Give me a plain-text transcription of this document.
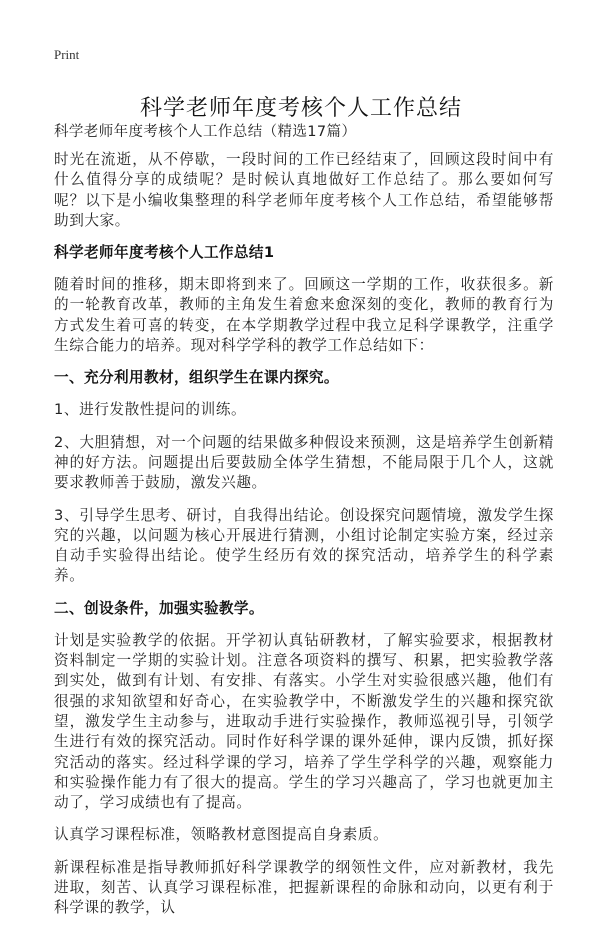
Print
科学老师年度考核个人工作总结
科学老师年度考核个人工作总结（精选17篇）

时光在流逝，从不停歇，一段时间的工作已经结束了，回顾这段时间中有什么值得分享的成绩呢？是时候认真地做好工作总结了。那么要如何写呢？以下是小编收集整理的科学老师年度考核个人工作总结，希望能够帮助到大家。

科学老师年度考核个人工作总结1

随着时间的推移，期末即将到来了。回顾这一学期的工作，收获很多。新的一轮教育改革，教师的主角发生着愈来愈深刻的变化，教师的教育行为方式发生着可喜的转变，在本学期教学过程中我立足科学课教学，注重学生综合能力的培养。现对科学学科的教学工作总结如下：

一、充分利用教材，组织学生在课内探究。

1、进行发散性提问的训练。

2、大胆猜想，对一个问题的结果做多种假设来预测，这是培养学生创新精神的好方法。问题提出后要鼓励全体学生猜想，不能局限于几个人，这就要求教师善于鼓励，激发兴趣。

3、引导学生思考、研讨，自我得出结论。创设探究问题情境，激发学生探究的兴趣，以问题为核心开展进行猜测，小组讨论制定实验方案，经过亲自动手实验得出结论。使学生经历有效的探究活动，培养学生的科学素养。

二、创设条件，加强实验教学。

计划是实验教学的依据。开学初认真钻研教材，了解实验要求，根据教材资料制定一学期的实验计划。注意各项资料的撰写、积累，把实验教学落到实处，做到有计划、有安排、有落实。小学生对实验很感兴趣，他们有很强的求知欲望和好奇心，在实验教学中，不断激发学生的兴趣和探究欲望，激发学生主动参与，进取动手进行实验操作，教师巡视引导，引领学生进行有效的探究活动。同时作好科学课的课外延伸，课内反馈，抓好探究活动的落实。经过科学课的学习，培养了学生学科学的兴趣，观察能力和实验操作能力有了很大的提高。学生的学习兴趣高了，学习也就更加主动了，学习成绩也有了提高。

认真学习课程标准，领略教材意图提高自身素质。

新课程标准是指导教师抓好科学课教学的纲领性文件，应对新教材，我先进取，刻苦、认真学习课程标准，把握新课程的命脉和动向，以更有利于科学课的教学，认
